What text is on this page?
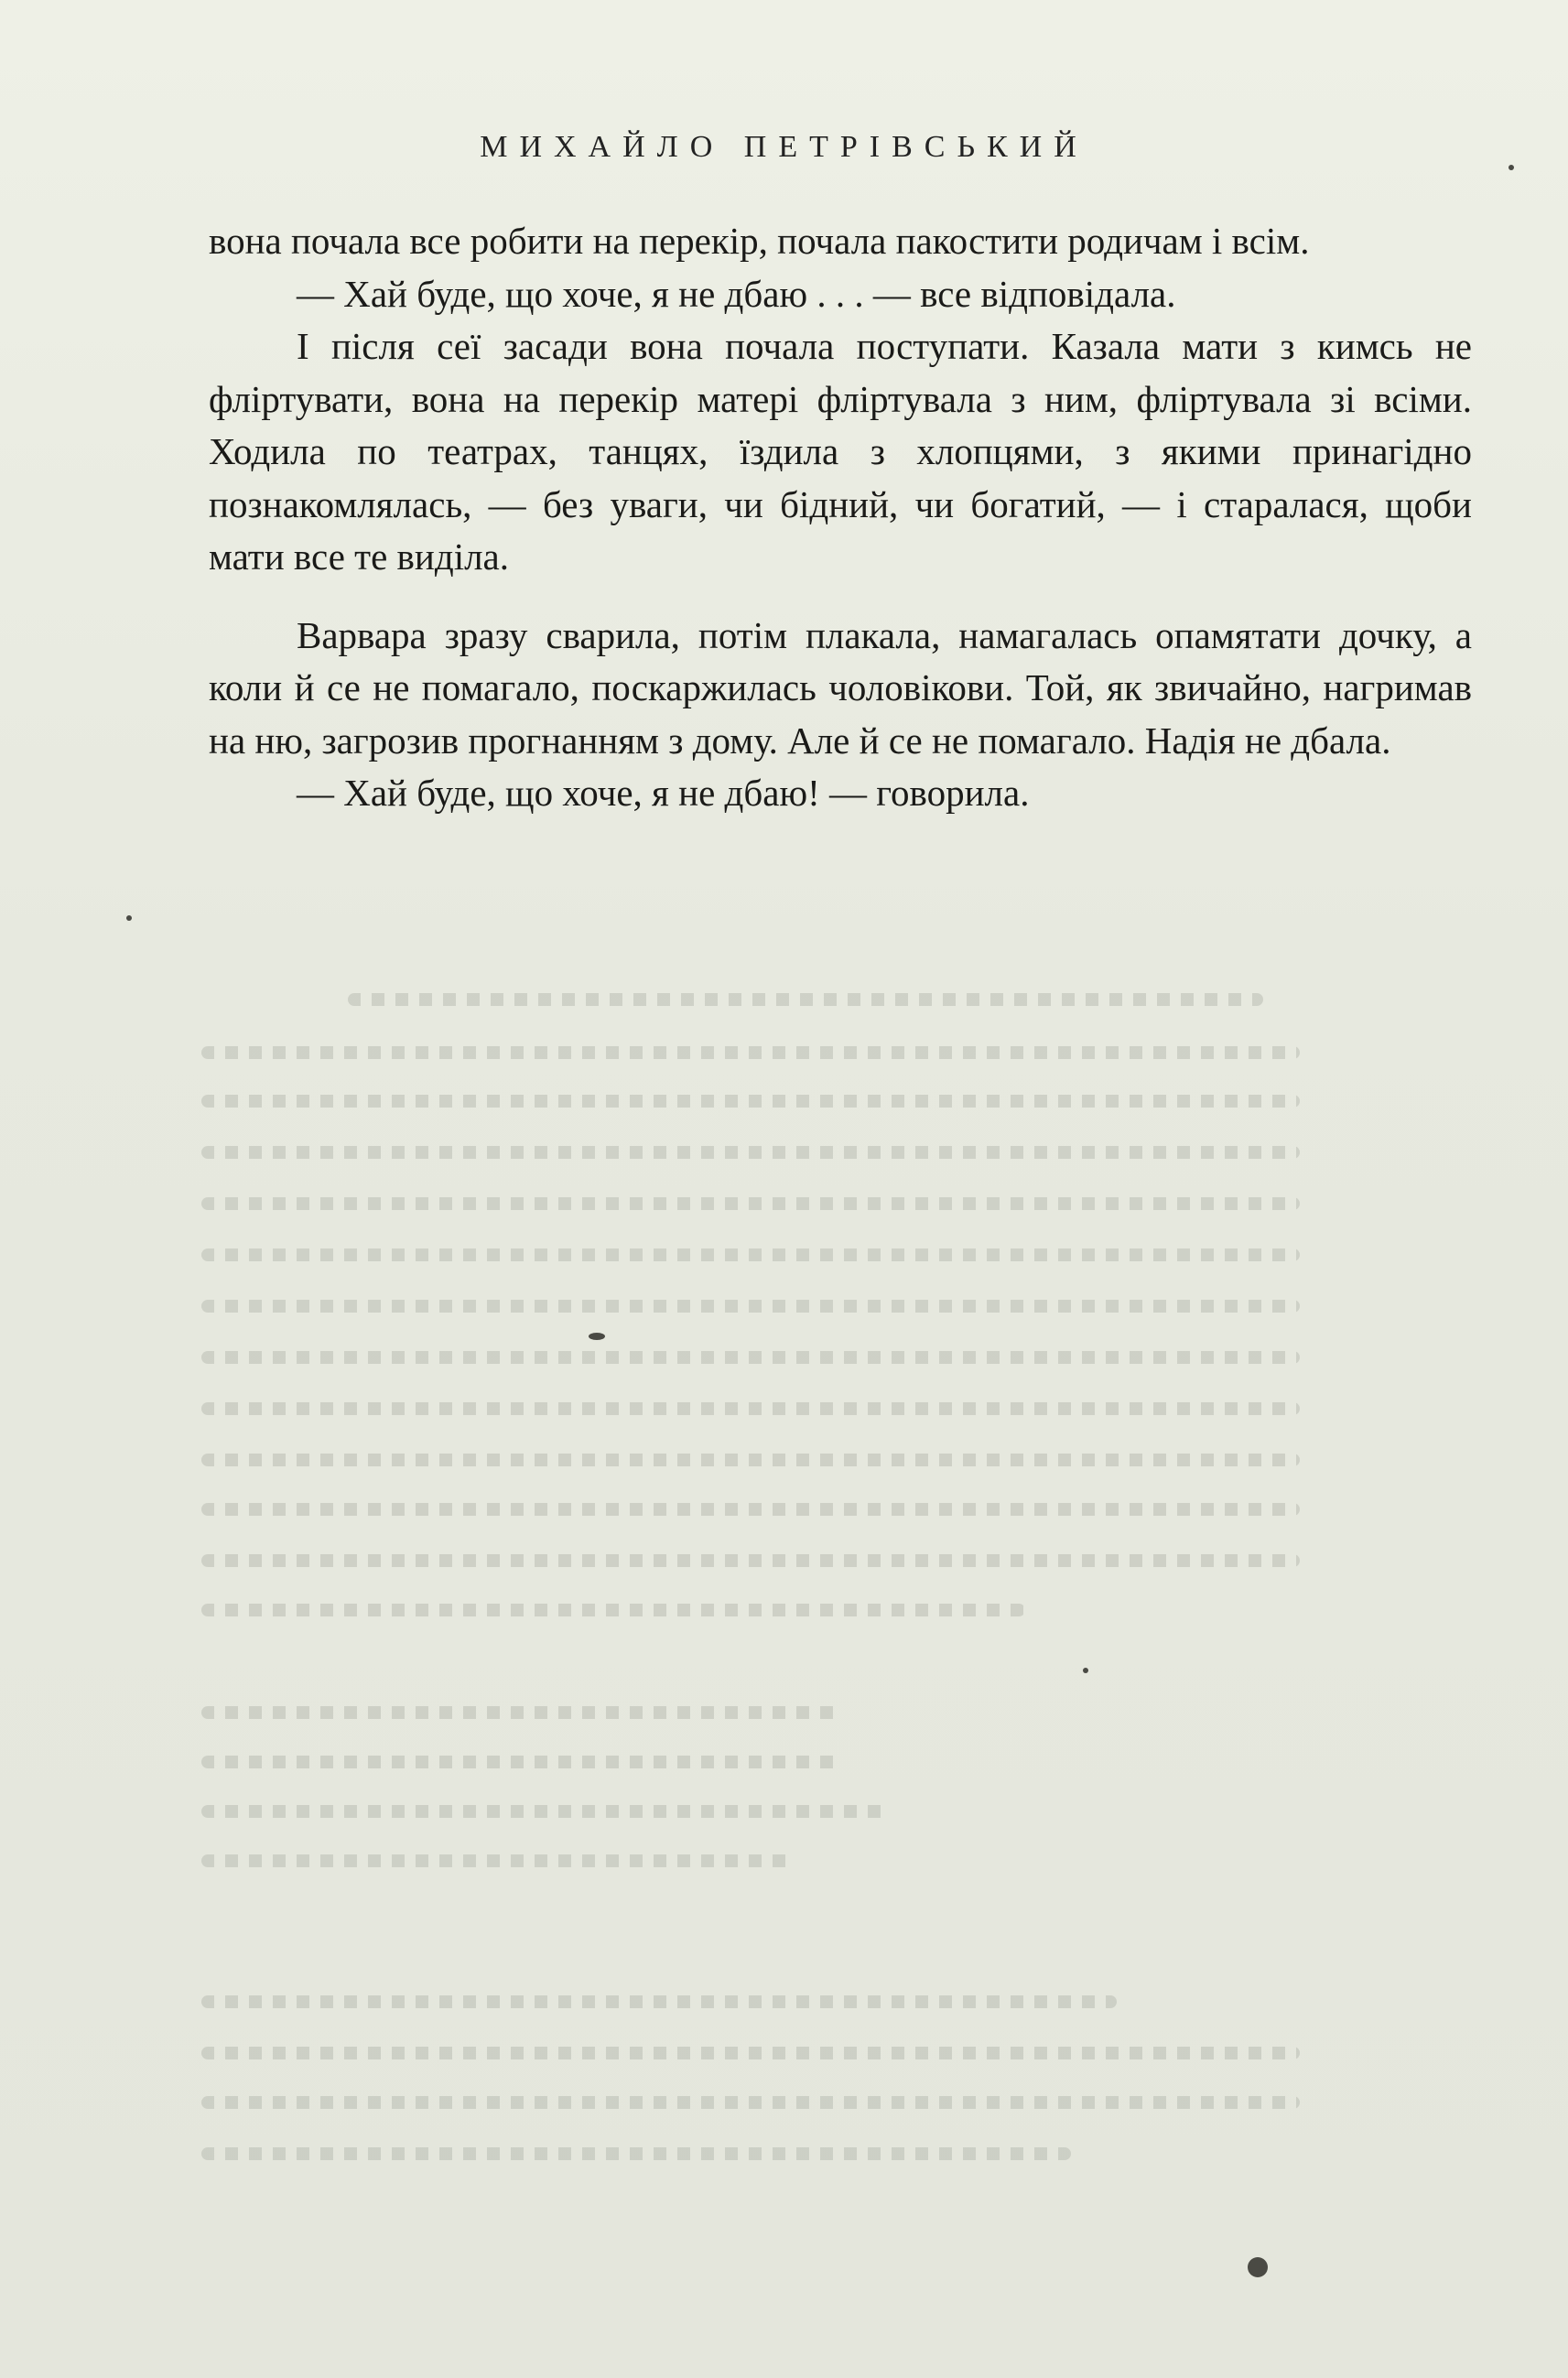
МИХАЙЛО ПЕТРІВСЬКИЙ

вона почала все робити на перекір, почала пакостити родичам і всім.

— Хай буде, що хоче, я не дбаю . . . — все відповідала.

І після сеї засади вона почала поступати. Казала мати з кимсь не флiртувати, вона на перекір матері флiртувала з ним, флiртувала зі всіми. Ходила по театрах, танцях, їздила з хлопцями, з якими принагідно познакомлялась, — без уваги, чи бідний, чи богатий, — і старалася, щоби мати все те виділа.

Варвара зразу сварила, потім плакала, намагалась опамятати дочку, а коли й се не помагало, поскаржилась чоловікови. Той, як звичайно, нагримав на ню, загрозив прогнанням з дому. Але й се не помагало. Надія не дбала.

— Хай буде, що хоче, я не дбаю! — говорила.
